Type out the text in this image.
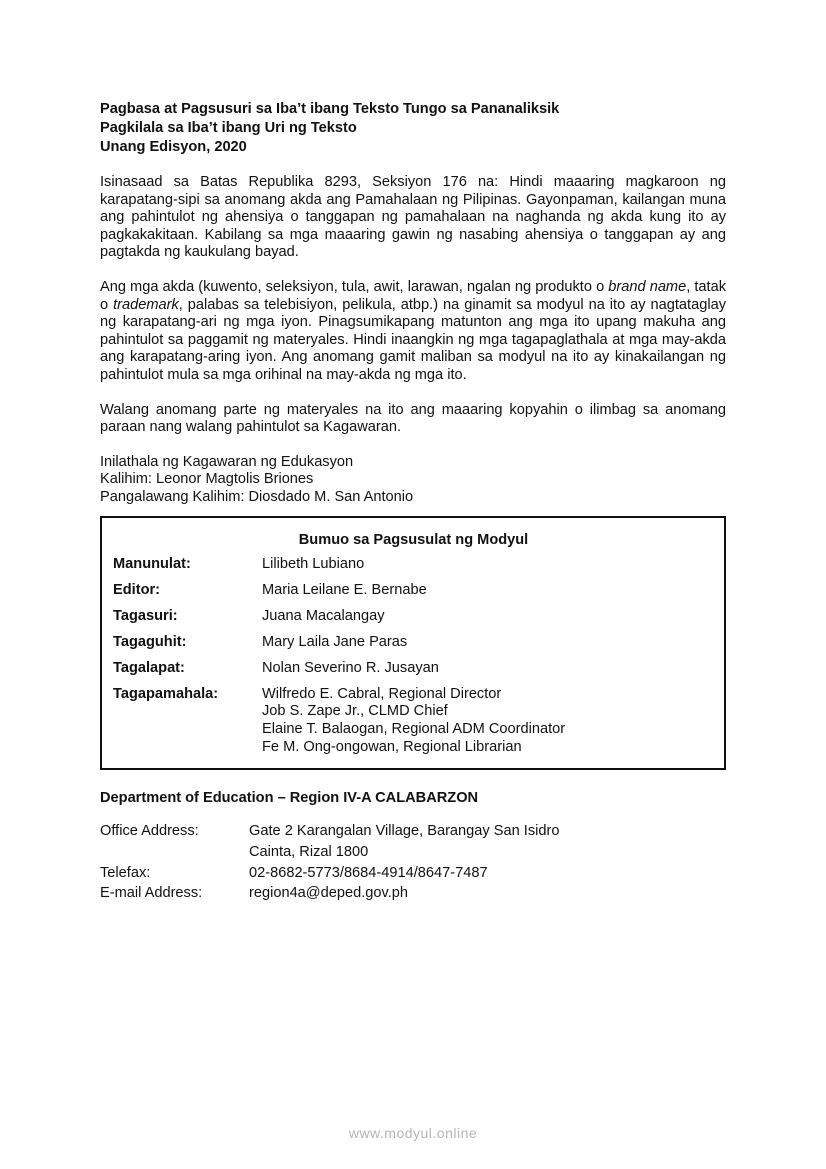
Pagbasa at Pagsusuri sa Iba’t ibang Teksto Tungo sa Pananaliksik
Pagkilala sa Iba’t ibang Uri ng Teksto
Unang Edisyon, 2020
Isinasaad sa Batas Republika 8293, Seksiyon 176 na: Hindi maaaring magkaroon ng karapatang-sipi sa anomang akda ang Pamahalaan ng Pilipinas. Gayonpaman, kailangan muna ang pahintulot ng ahensiya o tanggapan ng pamahalaan na naghanda ng akda kung ito ay pagkakakitaan. Kabilang sa mga maaaring gawin ng nasabing ahensiya o tanggapan ay ang pagtakda ng kaukulang bayad.
Ang mga akda (kuwento, seleksiyon, tula, awit, larawan, ngalan ng produkto o brand name, tatak o trademark, palabas sa telebisiyon, pelikula, atbp.) na ginamit sa modyul na ito ay nagtataglay ng karapatang-ari ng mga iyon. Pinagsumikapang matunton ang mga ito upang makuha ang pahintulot sa paggamit ng materyales. Hindi inaangkin ng mga tagapaglathala at mga may-akda ang karapatang-aring iyon. Ang anomang gamit maliban sa modyul na ito ay kinakailangan ng pahintulot mula sa mga orihinal na may-akda ng mga ito.
Walang anomang parte ng materyales na ito ang maaaring kopyahin o ilimbag sa anomang paraan nang walang pahintulot sa Kagawaran.
Inilathala ng Kagawaran ng Edukasyon
Kalihim: Leonor Magtolis Briones
Pangalawang Kalihim: Diosdado M. San Antonio
Bumuo sa Pagsusulat ng Modyul
Manunulat:	Lilibeth Lubiano
Editor:	Maria Leilane E. Bernabe
Tagasuri:	Juana Macalangay
Tagaguhit:	Mary Laila Jane Paras
Tagalapat:	Nolan Severino R. Jusayan
Tagapamahala:	Wilfredo E. Cabral, Regional Director
Job S. Zape Jr., CLMD Chief
Elaine T. Balaogan, Regional ADM Coordinator
Fe M. Ong-ongowan, Regional Librarian
Department of Education – Region IV-A CALABARZON
Office Address:	Gate 2 Karangalan Village, Barangay San Isidro
Cainta, Rizal 1800
Telefax:	02-8682-5773/8684-4914/8647-7487
E-mail Address:	region4a@deped.gov.ph
www.modyul.online
